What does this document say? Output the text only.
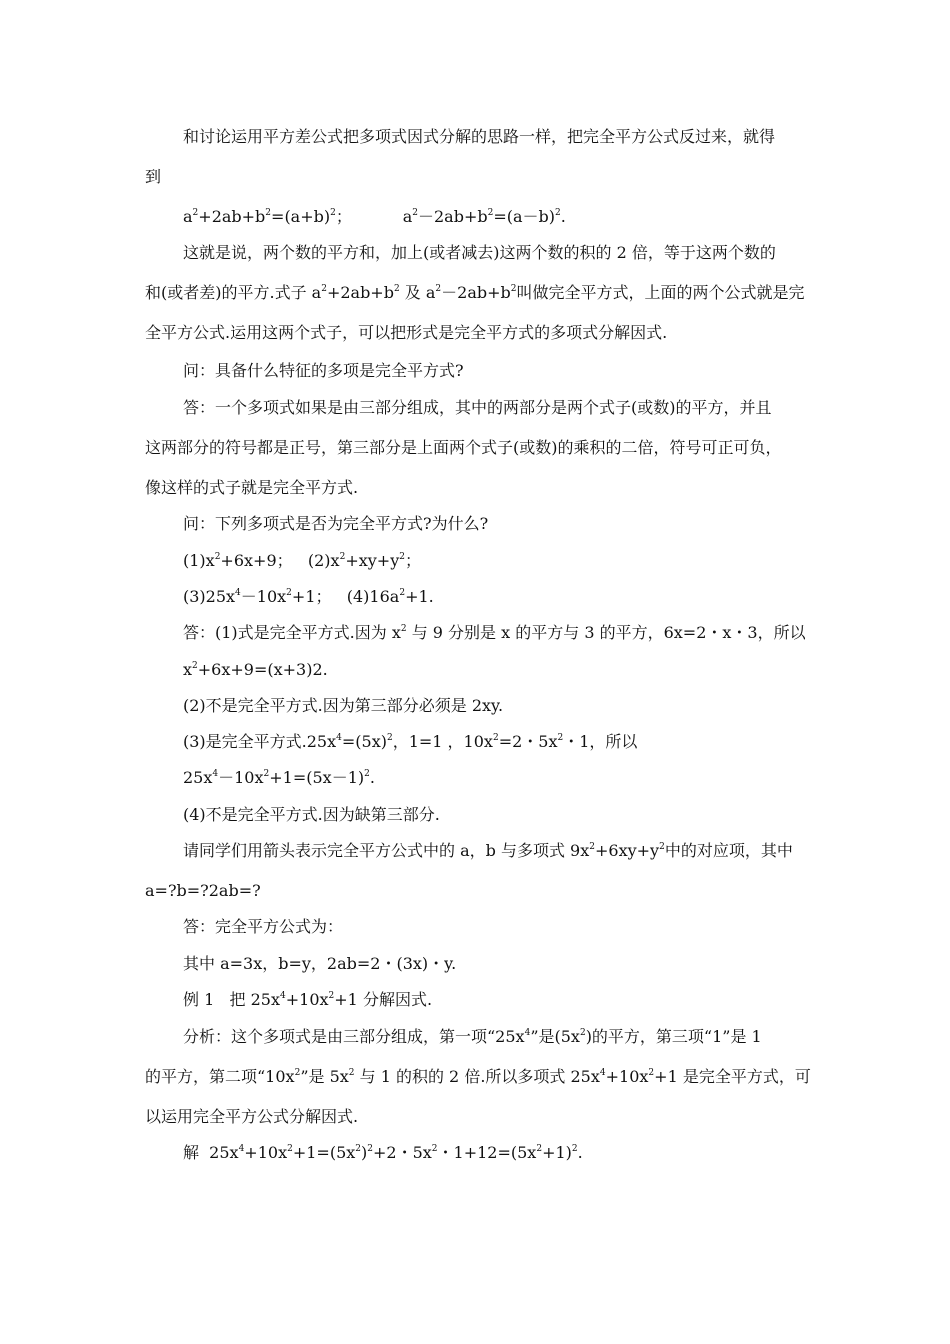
和讨论运用平方差公式把多项式因式分解的思路一样，把完全平方公式反过来，就得
到
$a^2+2ab+b^2=(a+b)^2$；          $a^2-2ab+b^2=(a-b)^2$.
这就是说，两个数的平方和，加上(或者减去)这两个数的积的 2 倍，等于这两个数的
和(或者差)的平方.式子 $a^2+2ab+b^2$ 及 $a^2-2ab+b^2$叫做完全平方式，上面的两个公式就是完
全平方公式.运用这两个式子，可以把形式是完全平方式的多项式分解因式.
问：具备什么特征的多项是完全平方式?
答：一个多项式如果是由三部分组成，其中的两部分是两个式子(或数)的平方，并且
这两部分的符号都是正号，第三部分是上面两个式子(或数)的乘积的二倍，符号可正可负，
像这样的式子就是完全平方式.
问：下列多项式是否为完全平方式?为什么?
$(1)x^2+6x+9$；   $(2)x^2+xy+y^2$；
$(3)25x^4-10x^2+1$；   $(4)16a^2+1$.
答：(1)式是完全平方式.因为 $x^2$ 与 9 分别是 x 的平方与 3 的平方，6x=2・x・3，所以
$x^2+6x+9=(x+3)2$.
(2)不是完全平方式.因为第三部分必须是 2xy.
(3)是完全平方式$.25x^4=(5x)^2$，1=1 ，$10x^2=2$・$5x^2$・1，所以
$25x^4-10x^2+1=(5x-1)^2$.
(4)不是完全平方式.因为缺第三部分.
请同学们用箭头表示完全平方公式中的 a，b 与多项式 $9x^2+6xy+y^2$中的对应项，其中
a=?b=?2ab=?
答：完全平方公式为：
其中 a=3x，b=y，2ab=2・(3x)・y.
例 1   把 $25x^4+10x^2+1$ 分解因式.
分析：这个多项式是由三部分组成，第一项“$25x^4$”是$(5x^2)$的平方，第三项“1”是 1
的平方，第二项“$10x^2$”是 $5x^2$ 与 1 的积的 2 倍.所以多项式 $25x^4+10x^2+1$ 是完全平方式，可
以运用完全平方公式分解因式.
解  $25x^4+10x^2+1=(5x^2)^2+2$・$5x^2$・$1+12=(5x^2+1)^2$.
